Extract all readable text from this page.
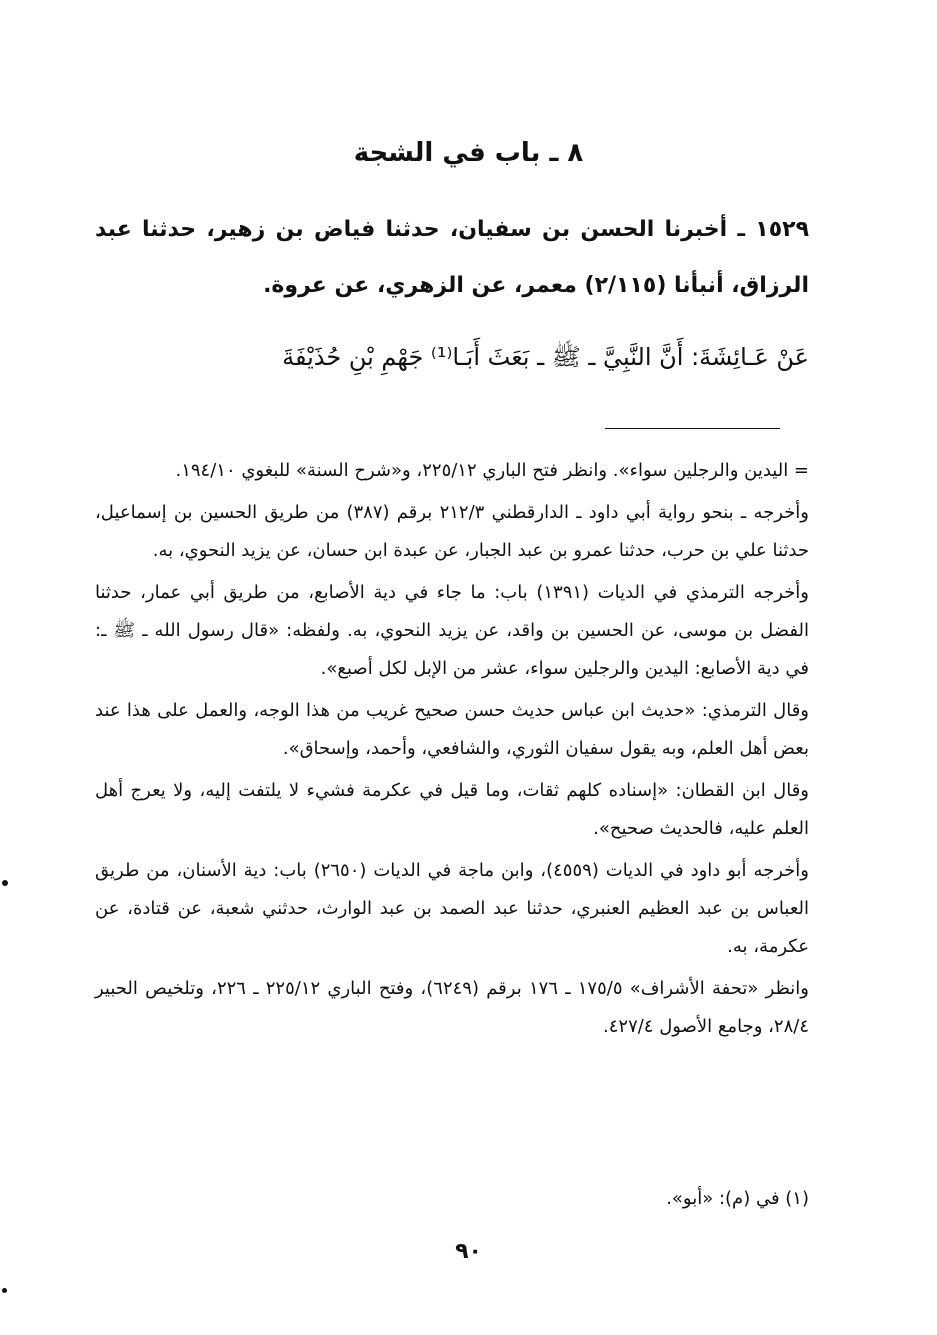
٨ ـ باب في الشجة

١٥٢٩ ـ أخبرنا الحسن بن سفيان، حدثنا فياض بن زهير، حدثنا عبد الرزاق، أنبأنا (٢/١١٥) معمر، عن الزهري، عن عروة.

عَنْ عَـائِشَةَ: أَنَّ النَّبِيَّ ـ ﷺ ـ بَعَثَ أَبَـا⁽¹⁾ جَهْمِ بْنِ حُذَيْفَةَ

= اليدين والرجلين سواء». وانظر فتح الباري ٢٢٥/١٢، و«شرح السنة» للبغوي ١٩٤/١٠.

وأخرجه ـ بنحو رواية أبي داود ـ الدارقطني ٢١٢/٣ برقم (٣٨٧) من طريق الحسين بن إسماعيل، حدثنا علي بن حرب، حدثنا عمرو بن عبد الجبار، عن عبدة ابن حسان، عن يزيد النحوي، به.

وأخرجه الترمذي في الديات (١٣٩١) باب: ما جاء في دية الأصابع، من طريق أبي عمار، حدثنا الفضل بن موسى، عن الحسين بن واقد، عن يزيد النحوي، به. ولفظه: «قال رسول الله ـ ﷺ ـ: في دية الأصابع: اليدين والرجلين سواء، عشر من الإبل لكل أصبع».

وقال الترمذي: «حديث ابن عباس حديث حسن صحيح غريب من هذا الوجه، والعمل على هذا عند بعض أهل العلم، وبه يقول سفيان الثوري، والشافعي، وأحمد، وإسحاق».

وقال ابن القطان: «إسناده كلهم ثقات، وما قيل في عكرمة فشيء لا يلتفت إليه، ولا يعرج أهل العلم عليه، فالحديث صحيح».

وأخرجه أبو داود في الديات (٤٥٥٩)، وابن ماجة في الديات (٢٦٥٠) باب: دية الأسنان، من طريق العباس بن عبد العظيم العنبري، حدثنا عبد الصمد بن عبد الوارث، حدثني شعبة، عن قتادة، عن عكرمة، به.

وانظر «تحفة الأشراف» ١٧٥/٥ ـ ١٧٦ برقم (٦٢٤٩)، وفتح الباري ٢٢٥/١٢ ـ ٢٢٦، وتلخيص الحبير ٢٨/٤، وجامع الأصول ٤٢٧/٤.

(١) في (م): «أبو».
٩٠
